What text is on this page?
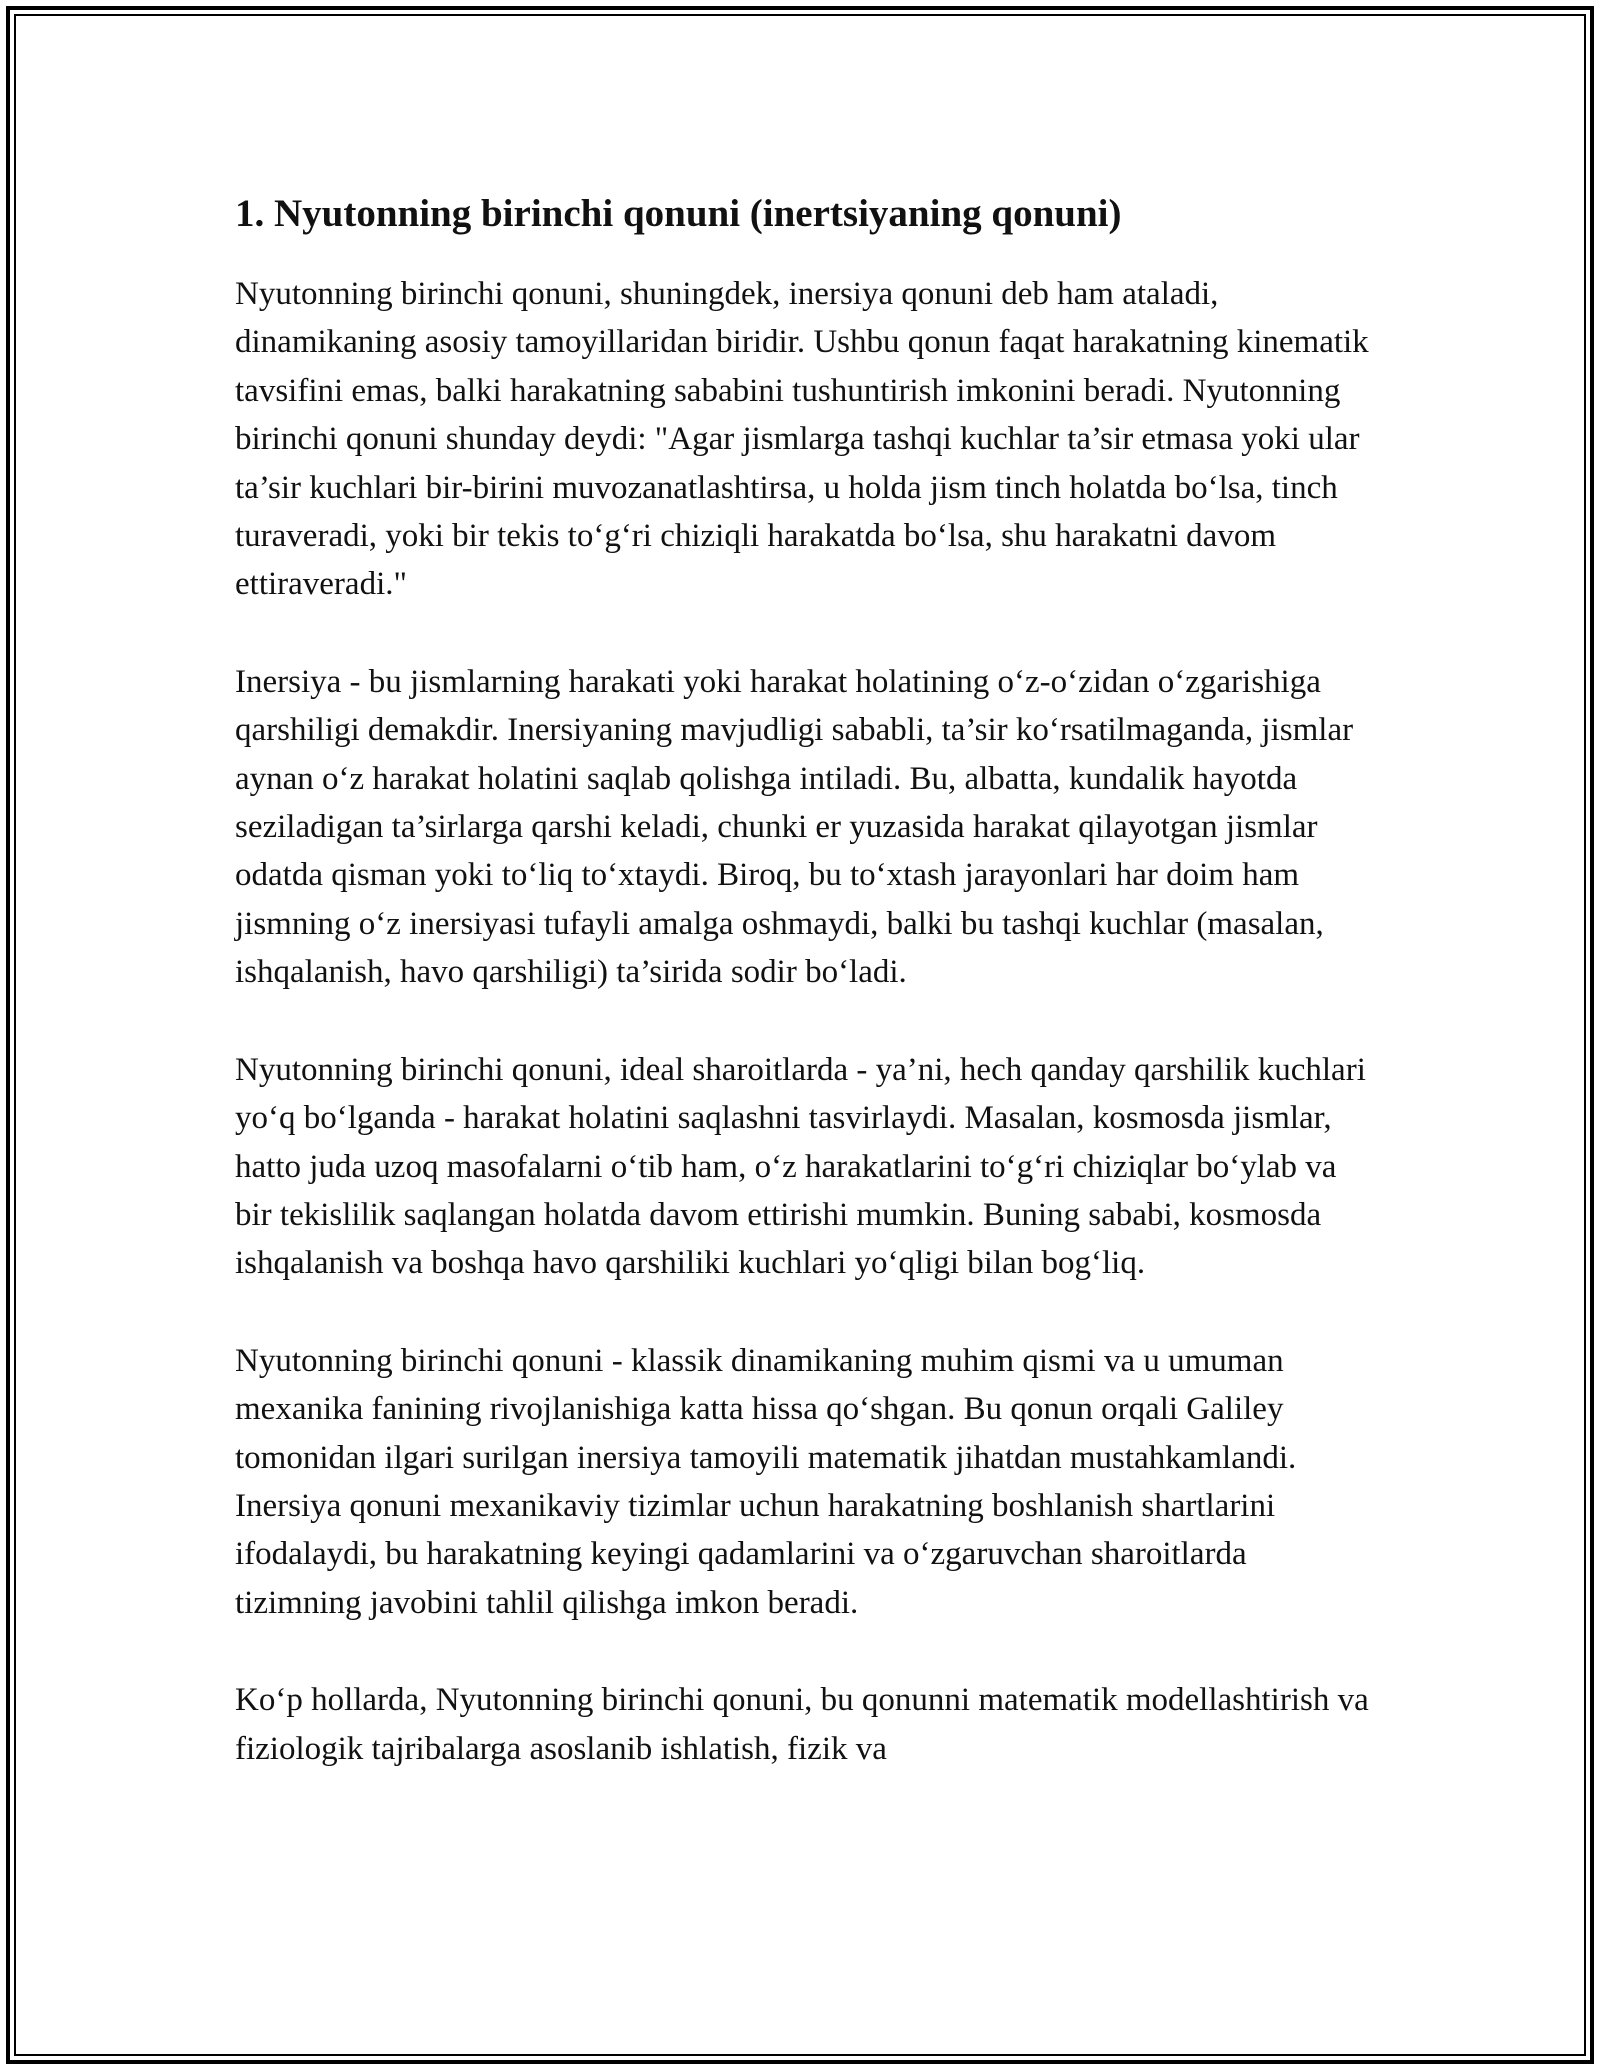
1. Nyutonning birinchi qonuni (inertsiyaning qonuni)

Nyutonning birinchi qonuni, shuningdek, inersiya qonuni deb ham ataladi, dinamikaning asosiy tamoyillaridan biridir. Ushbu qonun faqat harakatning kinematik tavsifini emas, balki harakatning sababini tushuntirish imkonini beradi. Nyutonning birinchi qonuni shunday deydi: "Agar jismlarga tashqi kuchlar ta’sir etmasa yoki ular ta’sir kuchlari bir-birini muvozanatlashtirsa, u holda jism tinch holatda bo‘lsa, tinch turaveradi, yoki bir tekis to‘g‘ri chiziqli harakatda bo‘lsa, shu harakatni davom ettiraveradi."

Inersiya - bu jismlarning harakati yoki harakat holatining o‘z-o‘zidan o‘zgarishiga qarshiligi demakdir. Inersiyaning mavjudligi sababli, ta’sir ko‘rsatilmaganda, jismlar aynan o‘z harakat holatini saqlab qolishga intiladi. Bu, albatta, kundalik hayotda seziladigan ta’sirlarga qarshi keladi, chunki er yuzasida harakat qilayotgan jismlar odatda qisman yoki to‘liq to‘xtaydi. Biroq, bu to‘xtash jarayonlari har doim ham jismning o‘z inersiyasi tufayli amalga oshmaydi, balki bu tashqi kuchlar (masalan, ishqalanish, havo qarshiligi) ta’sirida sodir bo‘ladi.

Nyutonning birinchi qonuni, ideal sharoitlarda - ya’ni, hech qanday qarshilik kuchlari yo‘q bo‘lganda - harakat holatini saqlashni tasvirlaydi. Masalan, kosmosda jismlar, hatto juda uzoq masofalarni o‘tib ham, o‘z harakatlarini to‘g‘ri chiziqlar bo‘ylab va bir tekislilik saqlangan holatda davom ettirishi mumkin. Buning sababi, kosmosda ishqalanish va boshqa havo qarshiliki kuchlari yo‘qligi bilan bog‘liq.

Nyutonning birinchi qonuni - klassik dinamikaning muhim qismi va u umuman mexanika fanining rivojlanishiga katta hissa qo‘shgan. Bu qonun orqali Galiley tomonidan ilgari surilgan inersiya tamoyili matematik jihatdan mustahkamlandi. Inersiya qonuni mexanikaviy tizimlar uchun harakatning boshlanish shartlarini ifodalaydi, bu harakatning keyingi qadamlarini va o‘zgaruvchan sharoitlarda tizimning javobini tahlil qilishga imkon beradi.

Ko‘p hollarda, Nyutonning birinchi qonuni, bu qonunni matematik modellashtirish va fiziologik tajribalarga asoslanib ishlatish, fizik va
